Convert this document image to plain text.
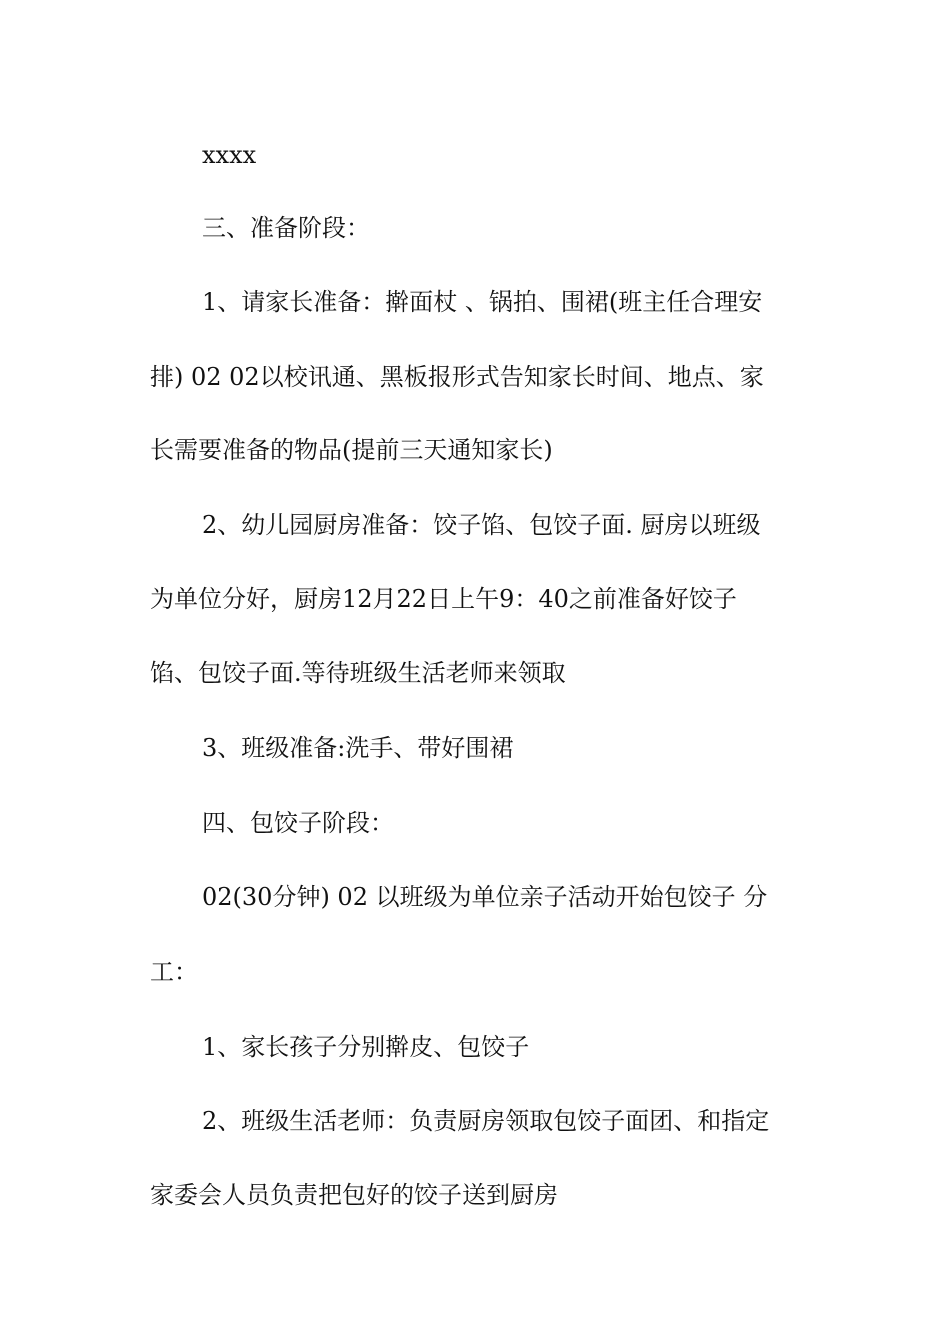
xxxx
三、准备阶段：
1、请家长准备：擀面杖 、锅拍、围裙(班主任合理安
排) 02 02以校讯通、黑板报形式告知家长时间、地点、家
长需要准备的物品(提前三天通知家长)
2、幼儿园厨房准备：饺子馅、包饺子面. 厨房以班级
为单位分好，厨房12月22日上午9：40之前准备好饺子
馅、包饺子面.等待班级生活老师来领取
3、班级准备:洗手、带好围裙
四、包饺子阶段：
02(30分钟) 02 以班级为单位亲子活动开始包饺子 分
工：
1、家长孩子分别擀皮、包饺子
2、班级生活老师：负责厨房领取包饺子面团、和指定
家委会人员负责把包好的饺子送到厨房
